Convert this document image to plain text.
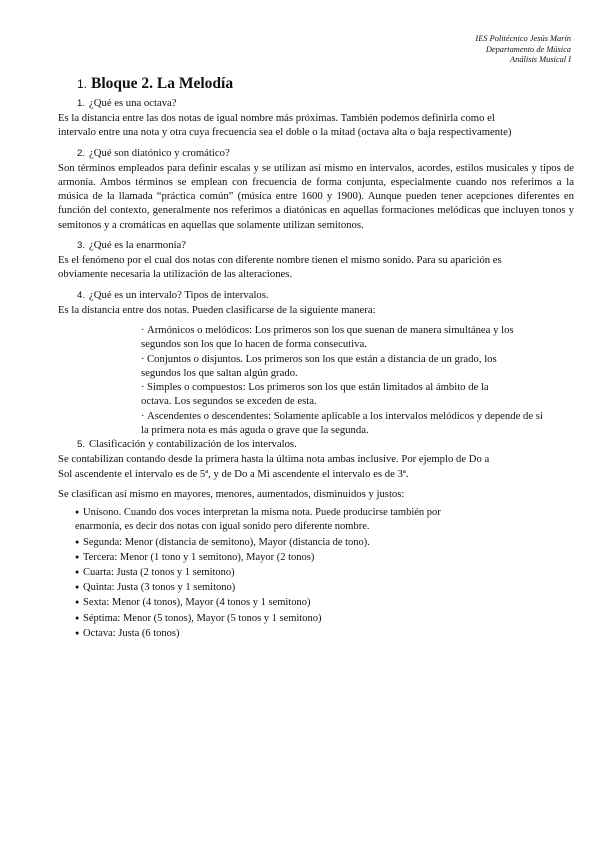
IES Politécnico Jesús Marín
Departamento de Música
Análisis Musical I
1. Bloque 2. La Melodía
1. ¿Qué es una octava?
Es la distancia entre las dos notas de igual nombre más próximas. También podemos definirla como el
intervalo entre una nota y otra cuya frecuencia sea el doble o la mitad (octava alta o baja respectivamente)
2. ¿Qué son diatónico y cromático?
Son términos empleados para definir escalas y se utilizan así mismo en intervalos, acordes, estilos musicales y tipos de armonía. Ambos términos se emplean con frecuencia de forma conjunta, especialmente cuando nos referimos a la música de la llamada “práctica común” (música entre 1600 y 1900). Aunque pueden tener acepciones diferentes en función del contexto, generalmente nos referimos a diatónicas en aquellas formaciones melódicas que incluyen tonos y semitonos y a cromáticas en aquellas que solamente utilizan semitonos.
3. ¿Qué es la enarmonía?
Es el fenómeno por el cual dos notas con diferente nombre tienen el mismo sonido. Para su aparición es
obviamente necesaria la utilización de las alteraciones.
4. ¿Qué es un intervalo? Tipos de intervalos.
Es la distancia entre dos notas. Pueden clasificarse de la siguiente manera:
· Armónicos o melódicos: Los primeros son los que suenan de manera simultánea y los
segundos son los que lo hacen de forma consecutiva.
· Conjuntos o disjuntos. Los primeros son los que están a distancia de un grado, los
segundos los que saltan algún grado.
· Simples o compuestos: Los primeros son los que están limitados al ámbito de la
octava. Los segundos se exceden de esta.
· Ascendentes o descendentes: Solamente aplicable a los intervalos melódicos y depende de si
la primera nota es más aguda o grave que la segunda.
5. Clasificación y contabilización de los intervalos.
Se contabilizan contando desde la primera hasta la última nota ambas inclusive. Por ejemplo de Do a
Sol ascendente el intervalo es de 5ª, y de Do a Mi ascendente el intervalo es de 3ª.
Se clasifican así mismo en mayores, menores, aumentados, disminuidos y justos:
● Unísono. Cuando dos voces interpretan la misma nota. Puede producirse también por
enarmonía, es decir dos notas con igual sonido pero diferente nombre.
● Segunda: Menor (distancia de semitono), Mayor (distancia de tono).
● Tercera: Menor (1 tono y 1 semitono), Mayor (2 tonos)
● Cuarta: Justa (2 tonos y 1 semitono)
● Quinta: Justa (3 tonos y 1 semitono)
● Sexta: Menor (4 tonos), Mayor (4 tonos y 1 semitono)
● Séptima: Menor (5 tonos), Mayor (5 tonos y 1 semitono)
● Octava: Justa (6 tonos)
